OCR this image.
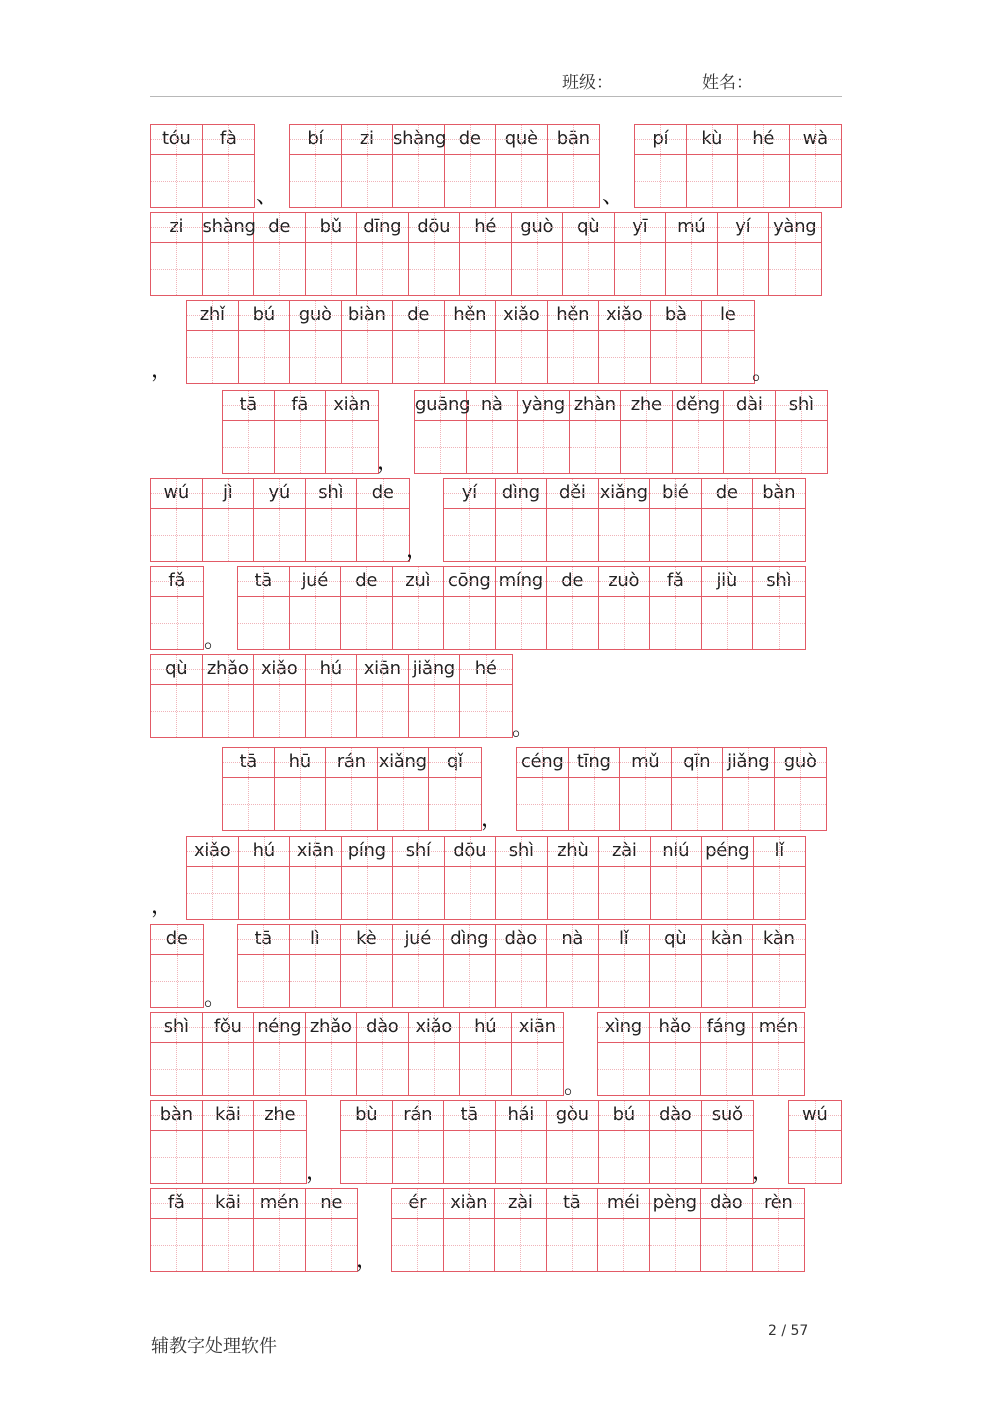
班级：	姓名：
tóu	fà	bí	zi	shàng de	què	bān	pí	kù	hé	wà
、	、
zi	shàng de	bǔ	dīng dōu	hé	guò	qù	yī	mú	yí	yàng
zhǐ	bú	guò biàn	de	hěn xiǎo hěn xiǎo	bà	le
，	。
tā	fā	xiàn	guāng nà	yàng zhàn zhe děng dài	shì
，
wú	jì	yú	shì	de	yí	dìng	děi xiǎng bié	de	bàn
，
fǎ	tā	jué	de	zuì cōng míng	de	zuò	fǎ	jiù	shì
。
qù	zhǎo xiǎo	hú	xiān jiǎng	hé
。
tā	hū	rán xiǎng	qǐ	céng tīng	mǔ	qīn jiǎng guò
，
xiǎo	hú	xiān píng	shí	dōu	shì	zhù	zài	niú péng	lǐ
，
de	tā	lì	kè	jué	dìng dào	nà	lǐ	qù	kàn	kàn
。
shì	fǒu néng zhǎo dào xiǎo	hú	xiān	xìng hǎo fáng mén
。
bàn	kāi	zhe	bù	rán	tā	hái	gòu	bú	dào	suǒ	wú
，	，
fǎ	kāi	mén	ne	ér	xiàn	zài	tā	méi pèng dào	rèn
，
辅教字处理软件
2 / 57
